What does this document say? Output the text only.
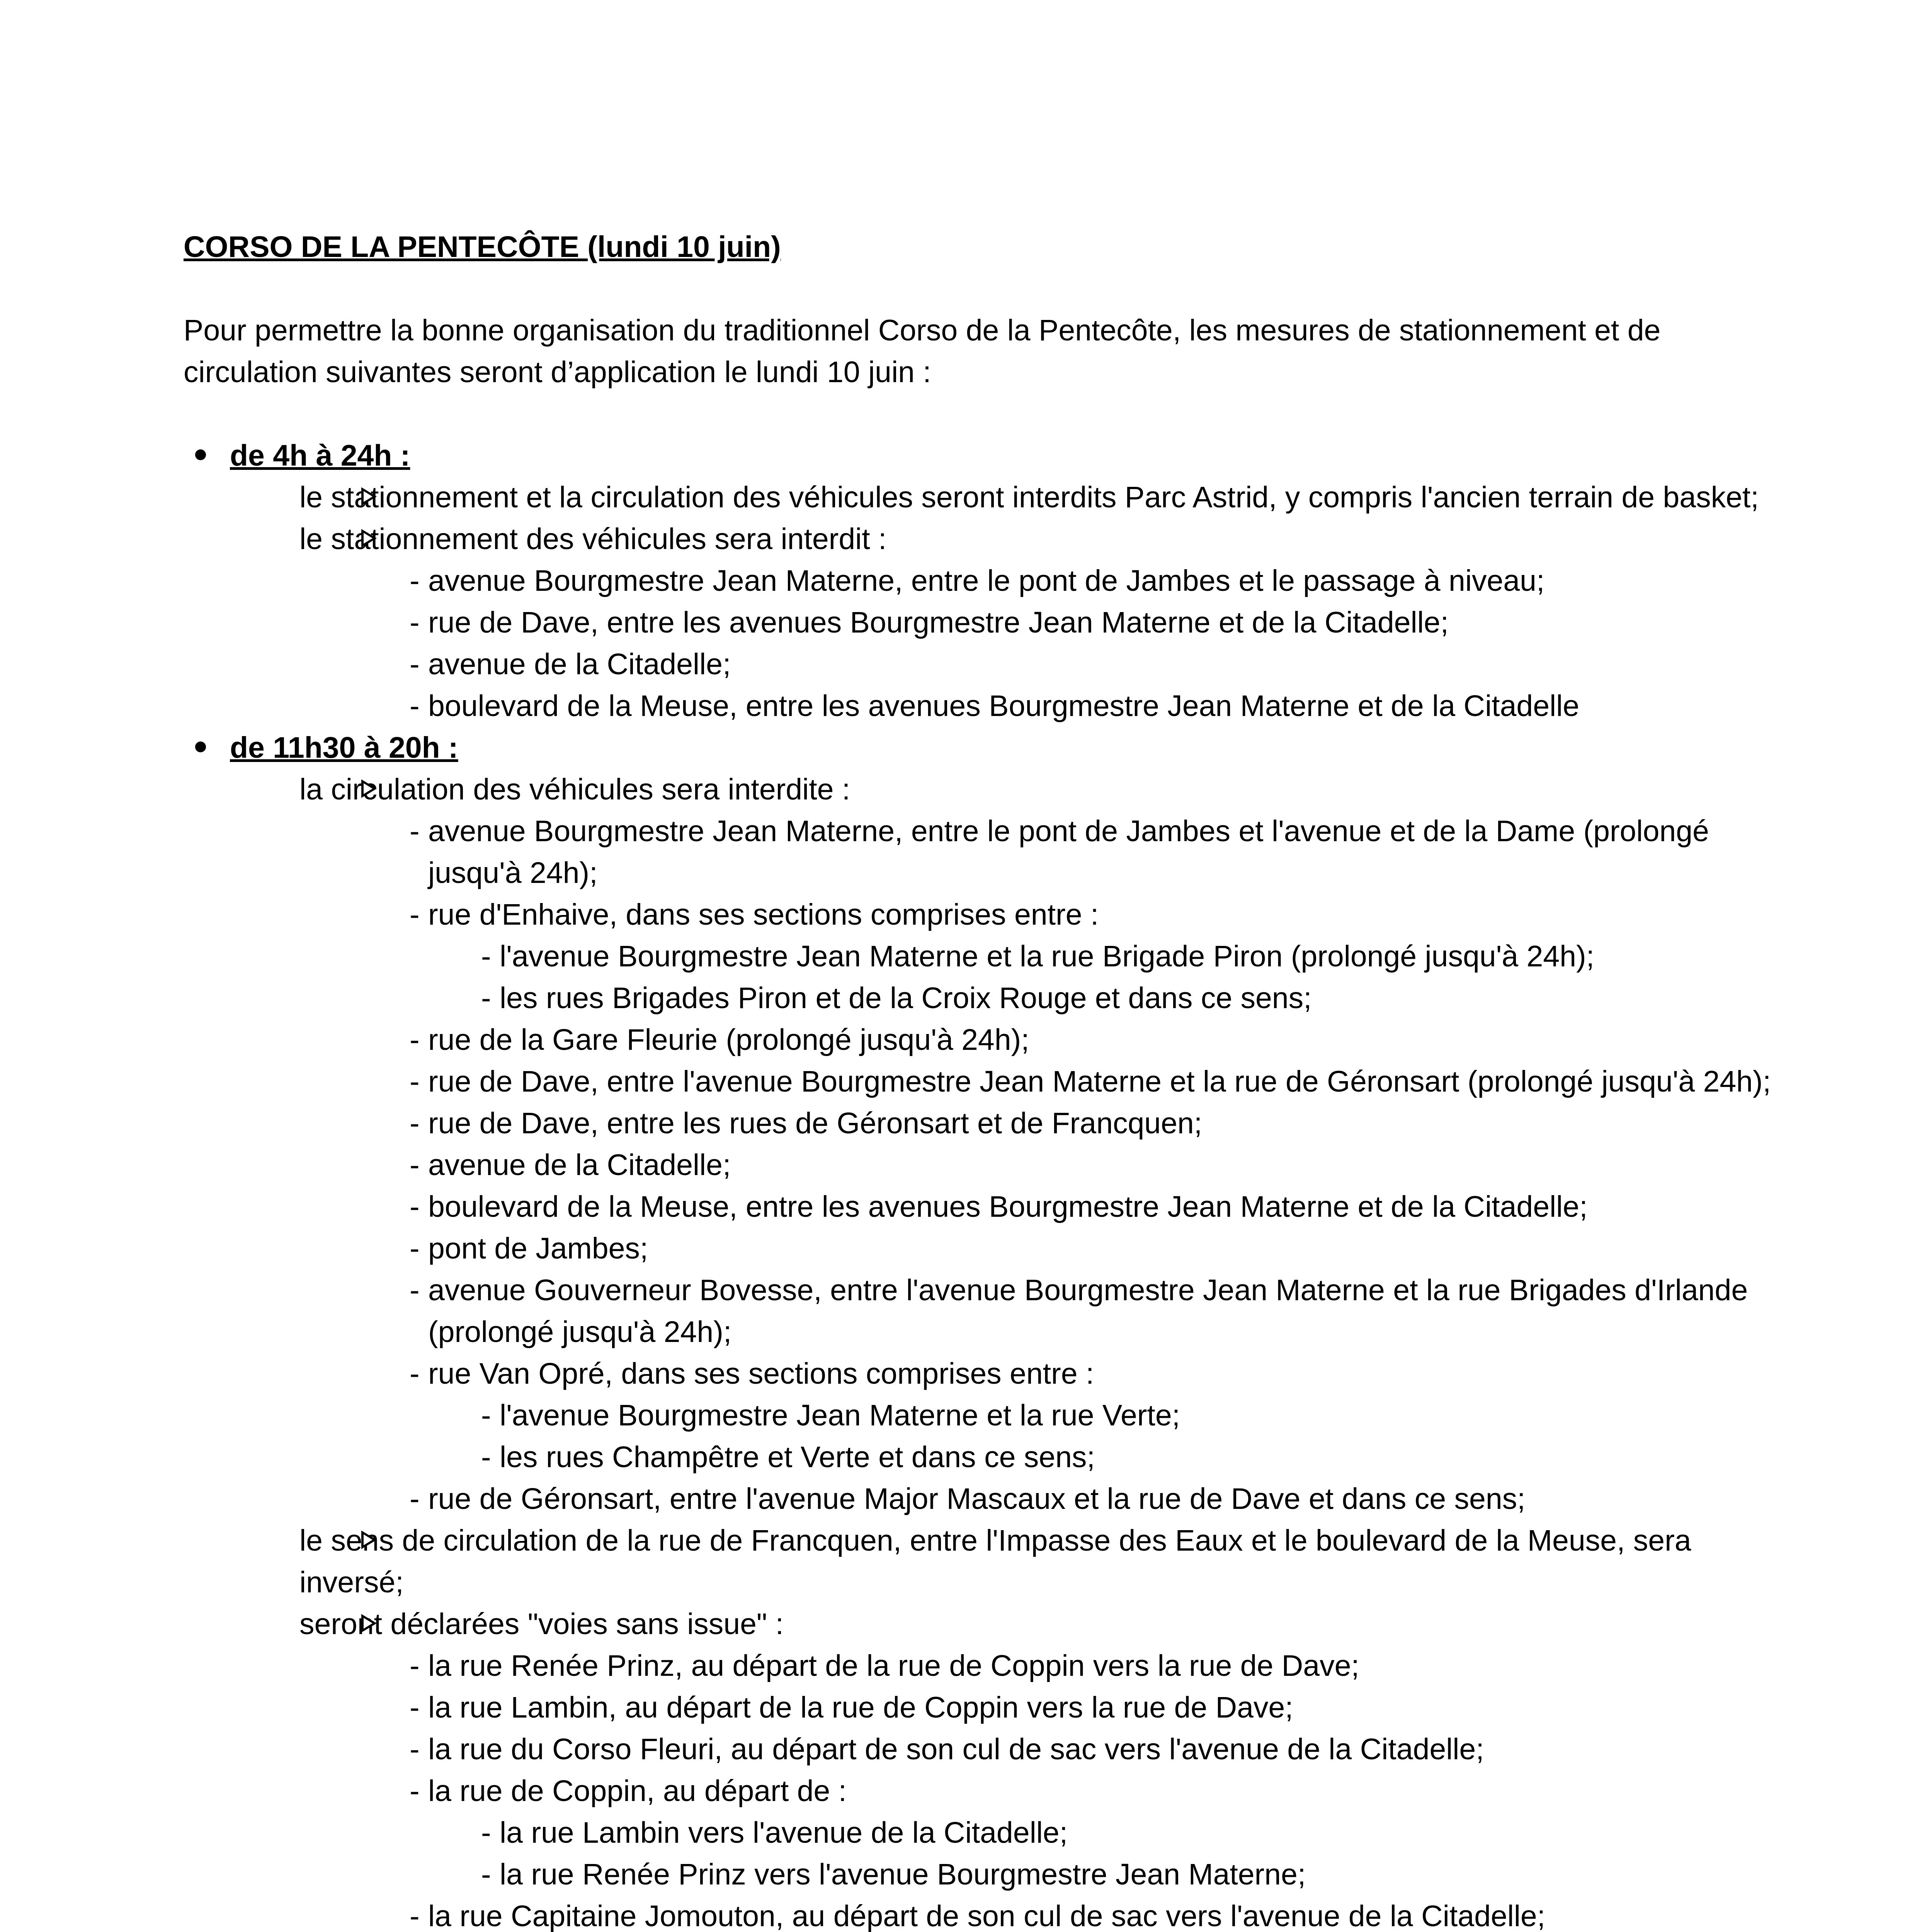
CORSO DE LA PENTECÔTE (lundi 10 juin)

Pour permettre la bonne organisation du traditionnel Corso de la Pentecôte, les mesures de stationnement et de

circulation suivantes seront d’application le lundi 10 juin :

de 4h à 24h :
le stationnement et la circulation des véhicules seront interdits Parc Astrid, y compris l'ancien terrain de basket;
le stationnement des véhicules sera interdit :
- avenue Bourgmestre Jean Materne, entre le pont de Jambes et le passage à niveau;
- rue de Dave, entre les avenues Bourgmestre Jean Materne et de la Citadelle;
- avenue de la Citadelle;
- boulevard de la Meuse, entre les avenues Bourgmestre Jean Materne et de la Citadelle
de 11h30 à 20h :
la circulation des véhicules sera interdite :
- avenue Bourgmestre Jean Materne, entre le pont de Jambes et l'avenue et de la Dame (prolongé
jusqu'à 24h);
- rue d'Enhaive, dans ses sections comprises entre :
- l'avenue Bourgmestre Jean Materne et la rue Brigade Piron (prolongé jusqu'à 24h);
- les rues Brigades Piron et de la Croix Rouge et dans ce sens;
- rue de la Gare Fleurie (prolongé jusqu'à 24h);
- rue de Dave, entre l'avenue Bourgmestre Jean Materne et la rue de Géronsart (prolongé jusqu'à 24h);
- rue de Dave, entre les rues de Géronsart et de Francquen;
- avenue de la Citadelle;
- boulevard de la Meuse, entre les avenues Bourgmestre Jean Materne et de la Citadelle;
- pont de Jambes;
- avenue Gouverneur Bovesse, entre l'avenue Bourgmestre Jean Materne et la rue Brigades d'Irlande
(prolongé jusqu'à 24h);
- rue Van Opré, dans ses sections comprises entre :
- l'avenue Bourgmestre Jean Materne et la rue Verte;
- les rues Champêtre et Verte et dans ce sens;
- rue de Géronsart, entre l'avenue Major Mascaux et la rue de Dave et dans ce sens;
le sens de circulation de la rue de Francquen, entre l'Impasse des Eaux et le boulevard de la Meuse, sera
inversé;
seront déclarées "voies sans issue" :
- la rue Renée Prinz, au départ de la rue de Coppin vers la rue de Dave;
- la rue Lambin, au départ de la rue de Coppin vers la rue de Dave;
- la rue du Corso Fleuri, au départ de son cul de sac vers l'avenue de la Citadelle;
- la rue de Coppin, au départ de :
- la rue Lambin vers l'avenue de la Citadelle;
- la rue Renée Prinz vers l'avenue Bourgmestre Jean Materne;
- la rue Capitaine Jomouton, au départ de son cul de sac vers l'avenue de la Citadelle;
